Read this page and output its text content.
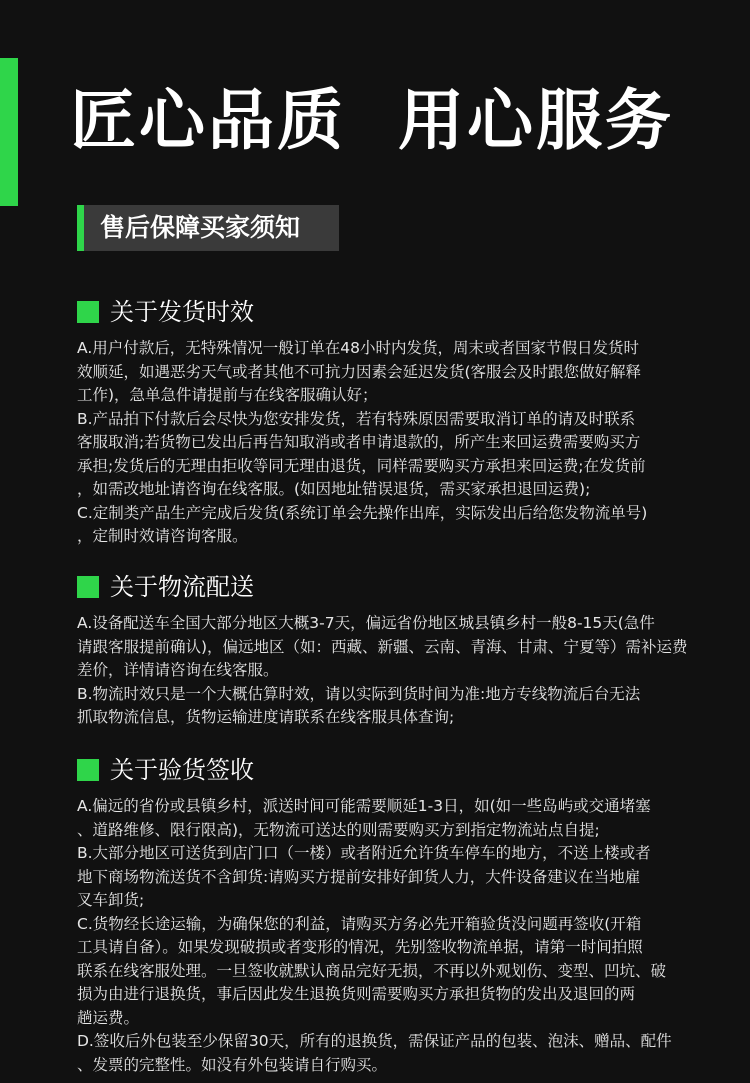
匠心品质  用心服务
售后保障买家须知
关于发货时效
A.用户付款后，无特殊情况一般订单在48小时内发货，周末或者国家节假日发货时
效顺延，如遇恶劣天气或者其他不可抗力因素会延迟发货(客服会及时跟您做好解释
工作)，急单急件请提前与在线客服确认好；
B.产品拍下付款后会尽快为您安排发货，若有特殊原因需要取消订单的请及时联系
客服取消;若货物已发出后再告知取消或者申请退款的，所产生来回运费需要购买方
承担;发货后的无理由拒收等同无理由退货，同样需要购买方承担来回运费;在发货前
，如需改地址请咨询在线客服。(如因地址错误退货，需买家承担退回运费);
C.定制类产品生产完成后发货(系统订单会先操作出库，实际发出后给您发物流单号)
，定制时效请咨询客服。
关于物流配送
A.设备配送车全国大部分地区大概3-7天，偏远省份地区城县镇乡村一般8-15天(急件
请跟客服提前确认)，偏远地区（如：西藏、新疆、云南、青海、甘肃、宁夏等）需补运费
差价，详情请咨询在线客服。
B.物流时效只是一个大概估算时效，请以实际到货时间为准:地方专线物流后台无法
抓取物流信息，货物运输进度请联系在线客服具体查询;
关于验货签收
A.偏远的省份或县镇乡村，派送时间可能需要顺延1-3日，如(如一些岛屿或交通堵塞
、道路维修、限行限高)，无物流可送达的则需要购买方到指定物流站点自提;
B.大部分地区可送货到店门口（一楼）或者附近允许货车停车的地方，不送上楼或者
地下商场物流送货不含卸货:请购买方提前安排好卸货人力，大件设备建议在当地雇
叉车卸货;
C.货物经长途运输，为确保您的利益，请购买方务必先开箱验货没问题再签收(开箱
工具请自备）。如果发现破损或者变形的情况，先别签收物流单据，请第一时间拍照
联系在线客服处理。一旦签收就默认商品完好无损，不再以外观划伤、变型、凹坑、破
损为由进行退换货，事后因此发生退换货则需要购买方承担货物的发出及退回的两
趟运费。
D.签收后外包装至少保留30天，所有的退换货，需保证产品的包装、泡沫、赠品、配件
、发票的完整性。如没有外包装请自行购买。
